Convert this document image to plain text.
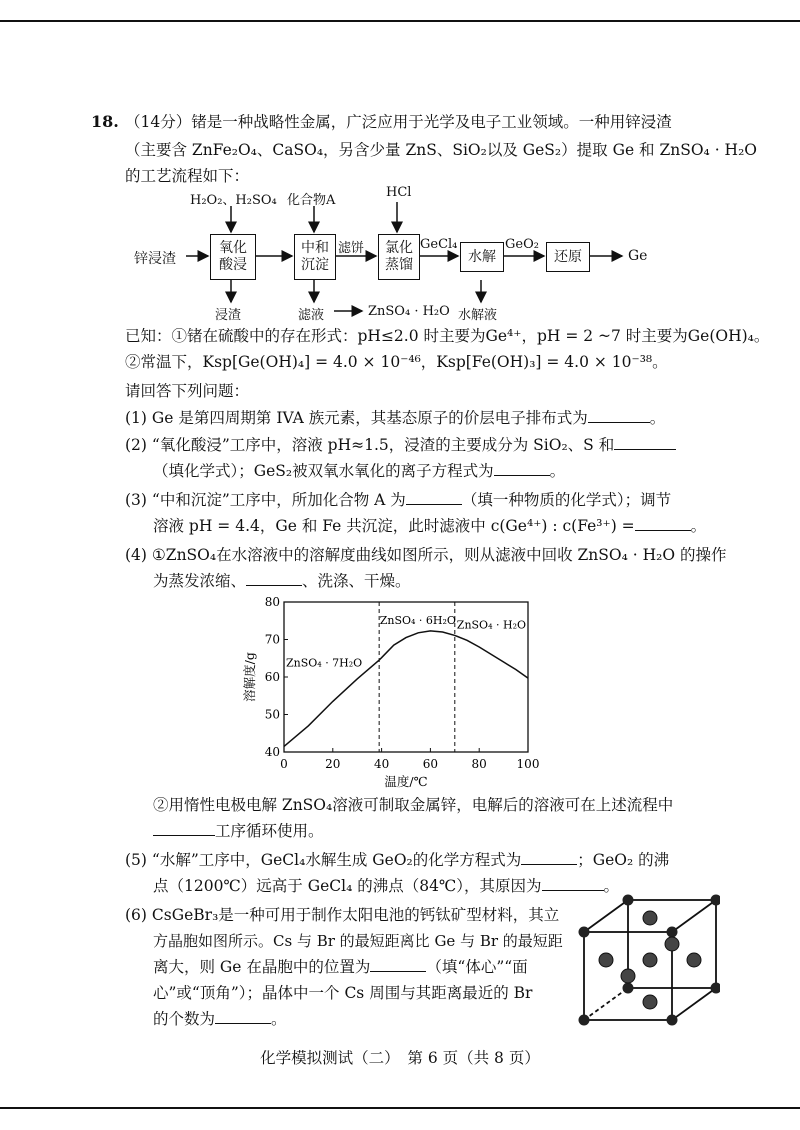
18. （14分）锗是一种战略性金属，广泛应用于光学及电子工业领域。一种用锌浸渣
（主要含 ZnFe₂O₄、CaSO₄，另含少量 ZnS、SiO₂以及 GeS₂）提取 Ge 和 ZnSO₄ · H₂O
的工艺流程如下：
锌浸渣
氧化酸浸
中和沉淀
氯化蒸馏
水解	还原	Ge
H₂O₂、H₂SO₄ 化合物A
HCl
滤饼	GeCl₄	GeO₂
浸渣	滤液	ZnSO₄ · H₂O 水解液
已知：①锗在硫酸中的存在形式：pH≤2.0 时主要为Ge⁴⁺，pH = 2 ~7 时主要为Ge(OH)₄。
②常温下，Ksp[Ge(OH)₄] = 4.0 × 10⁻⁴⁶，Ksp[Fe(OH)₃] = 4.0 × 10⁻³⁸。
请回答下列问题：
(1) Ge 是第四周期第 IVA 族元素，其基态原子的价层电子排布式为	。
(2) “氧化酸浸”工序中，溶液 pH≈1.5，浸渣的主要成分为 SiO₂、S 和
（填化学式）；GeS₂被双氧水氧化的离子方程式为	。
(3) “中和沉淀”工序中，所加化合物 A 为	（填一种物质的化学式）；调节
溶液 pH = 4.4，Ge 和 Fe 共沉淀，此时滤液中 c(Ge⁴⁺) : c(Fe³⁺) =	。
(4) ①ZnSO₄在水溶液中的溶解度曲线如图所示，则从滤液中回收 ZnSO₄ · H₂O 的操作
为蒸发浓缩、	、洗涤、干燥。
0	20	40	60	80 100
40
50
60
70
80
ZnSO₄ · 7H₂O
ZnSO₄ · 6H₂O ZnSO₄ · H₂O
温度/℃
溶解度/g
②用惰性电极电解 ZnSO₄溶液可制取金属锌，电解后的溶液可在上述流程中
工序循环使用。
(5) “水解”工序中，GeCl₄水解生成 GeO₂的化学方程式为	；GeO₂ 的沸
点（1200℃）远高于 GeCl₄ 的沸点（84℃），其原因为	。
(6) CsGeBr₃是一种可用于制作太阳电池的钙钛矿型材料，其立
方晶胞如图所示。Cs 与 Br 的最短距离比 Ge 与 Br 的最短距
离大，则 Ge 在晶胞中的位置为	（填“体心”“面
心”或“顶角”）；晶体中一个 Cs 周围与其距离最近的 Br
的个数为	。
化学模拟测试（二）　第 6 页（共 8 页）
